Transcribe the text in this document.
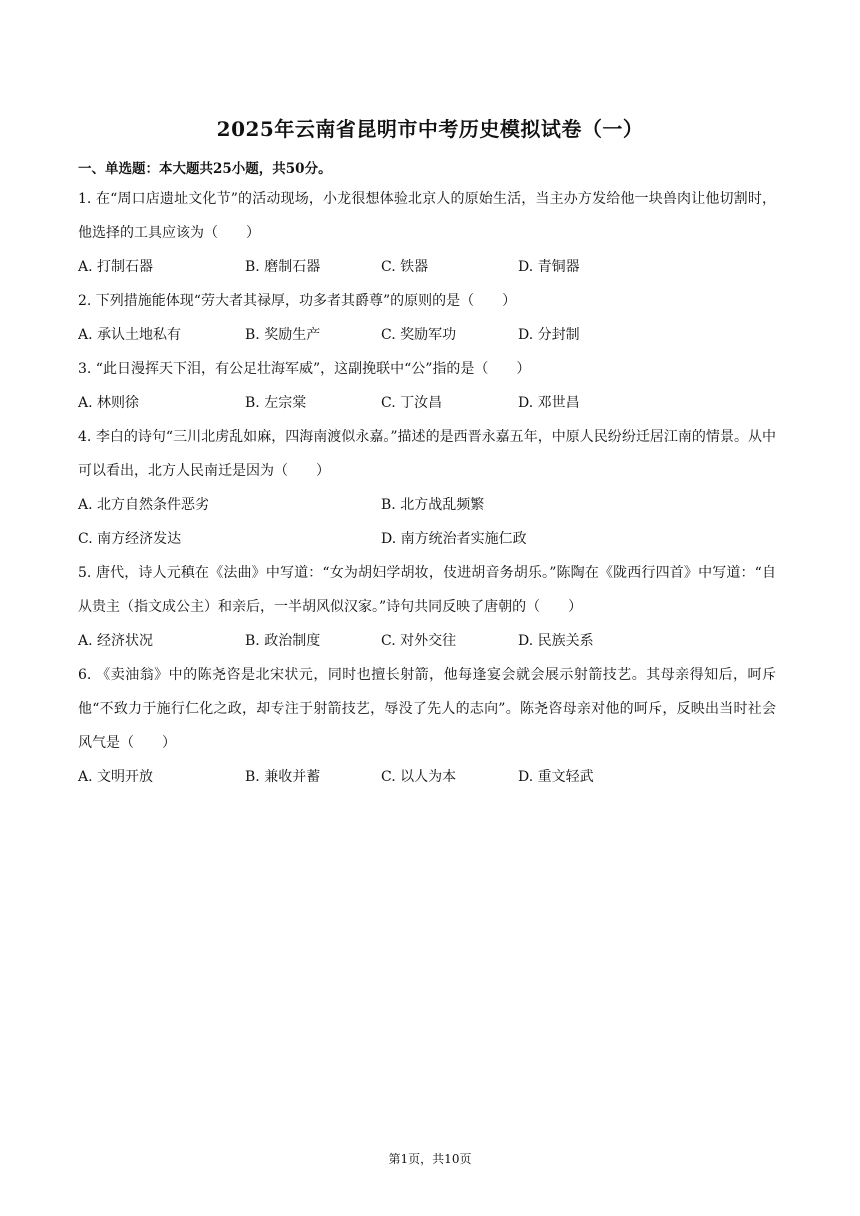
2025年云南省昆明市中考历史模拟试卷（一）
一、单选题：本大题共25小题，共50分。
1. 在“周口店遗址文化节”的活动现场，小龙很想体验北京人的原始生活，当主办方发给他一块兽肉让他切割时，他选择的工具应该为（　　）
A. 打制石器	B. 磨制石器	C. 铁器	D. 青铜器
2. 下列措施能体现“劳大者其禄厚，功多者其爵尊”的原则的是（　　）
A. 承认土地私有	B. 奖励生产	C. 奖励军功	D. 分封制
3. “此日漫挥天下泪，有公足壮海军威”，这副挽联中“公”指的是（　　）
A. 林则徐	B. 左宗棠	C. 丁汝昌	D. 邓世昌
4. 李白的诗句“三川北虏乱如麻，四海南渡似永嘉。”描述的是西晋永嘉五年，中原人民纷纷迁居江南的情景。从中可以看出，北方人民南迁是因为（　　）
A. 北方自然条件恶劣	B. 北方战乱频繁
C. 南方经济发达	D. 南方统治者实施仁政
5. 唐代，诗人元稹在《法曲》中写道：“女为胡妇学胡妆，伎进胡音务胡乐。”陈陶在《陇西行四首》中写道：“自从贵主（指文成公主）和亲后，一半胡风似汉家。”诗句共同反映了唐朝的（　　）
A. 经济状况	B. 政治制度	C. 对外交往	D. 民族关系
6. 《卖油翁》中的陈尧咨是北宋状元，同时也擅长射箭，他每逢宴会就会展示射箭技艺。其母亲得知后，呵斥他“不致力于施行仁化之政，却专注于射箭技艺，辱没了先人的志向”。陈尧咨母亲对他的呵斥，反映出当时社会风气是（　　）
A. 文明开放	B. 兼收并蓄	C. 以人为本	D. 重文轻武
第1页，共10页
